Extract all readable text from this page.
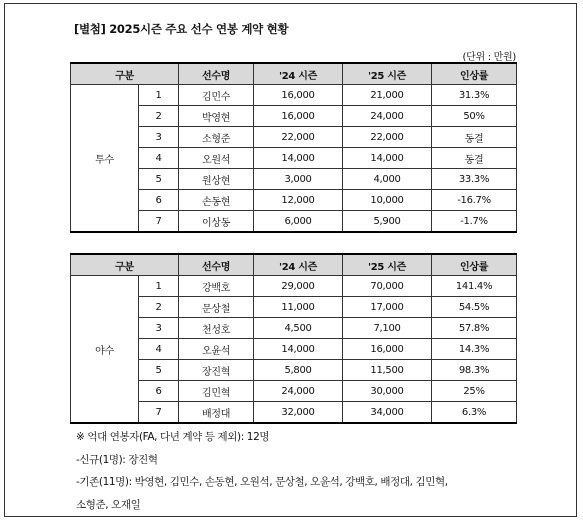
[별첨] 2025시즌 주요 선수 연봉 계약 현황
(단위 : 만원)
구분		선수명	'24 시즌	'25 시즌	인상률
투수	1	김민수	16,000	21,000	31.3%
	2	박영현	16,000	24,000	50%
	3	소형준	22,000	22,000	동결
	4	오원석	14,000	14,000	동결
	5	원상현	3,000	4,000	33.3%
	6	손동현	12,000	10,000	-16.7%
	7	이상동	6,000	5,900	-1.7%
구분		선수명	'24 시즌	'25 시즌	인상률
야수	1	강백호	29,000	70,000	141.4%
	2	문상철	11,000	17,000	54.5%
	3	천성호	4,500	7,100	57.8%
	4	오윤석	14,000	16,000	14.3%
	5	장진혁	5,800	11,500	98.3%
	6	김민혁	24,000	30,000	25%
	7	배정대	32,000	34,000	6.3%

※ 억대 연봉자(FA, 다년 계약 등 제외): 12명

-신규(1명): 장진혁

-기존(11명): 박영현, 김민수, 손동현, 오원석, 문상철, 오윤석, 강백호, 배정대, 김민혁,

소형준, 오재일
